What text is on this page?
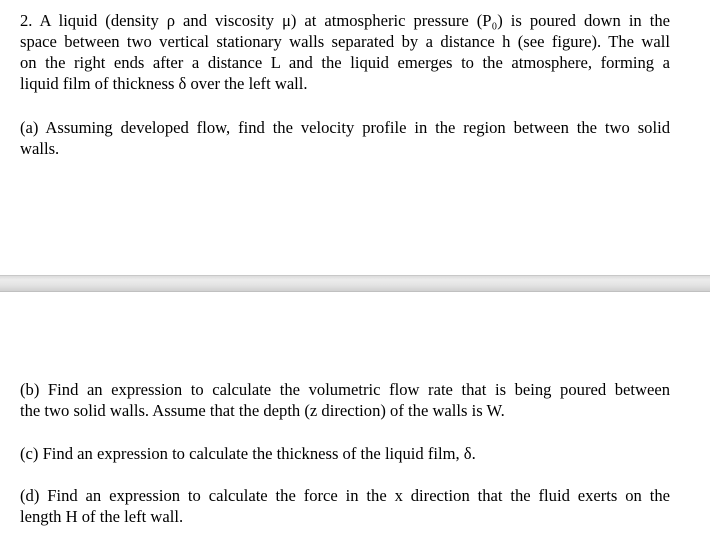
2. A liquid (density ρ and viscosity μ) at atmospheric pressure (P₀) is poured down in the
space between two vertical stationary walls separated by a distance h (see figure). The wall
on the right ends after a distance L and the liquid emerges to the atmosphere, forming a
liquid film of thickness δ over the left wall.

(a) Assuming developed flow, find the velocity profile in the region between the two solid
walls.

(b) Find an expression to calculate the volumetric flow rate that is being poured between
the two solid walls. Assume that the depth (z direction) of the walls is W.

(c) Find an expression to calculate the thickness of the liquid film, δ.

(d) Find an expression to calculate the force in the x direction that the fluid exerts on the
length H of the left wall.
